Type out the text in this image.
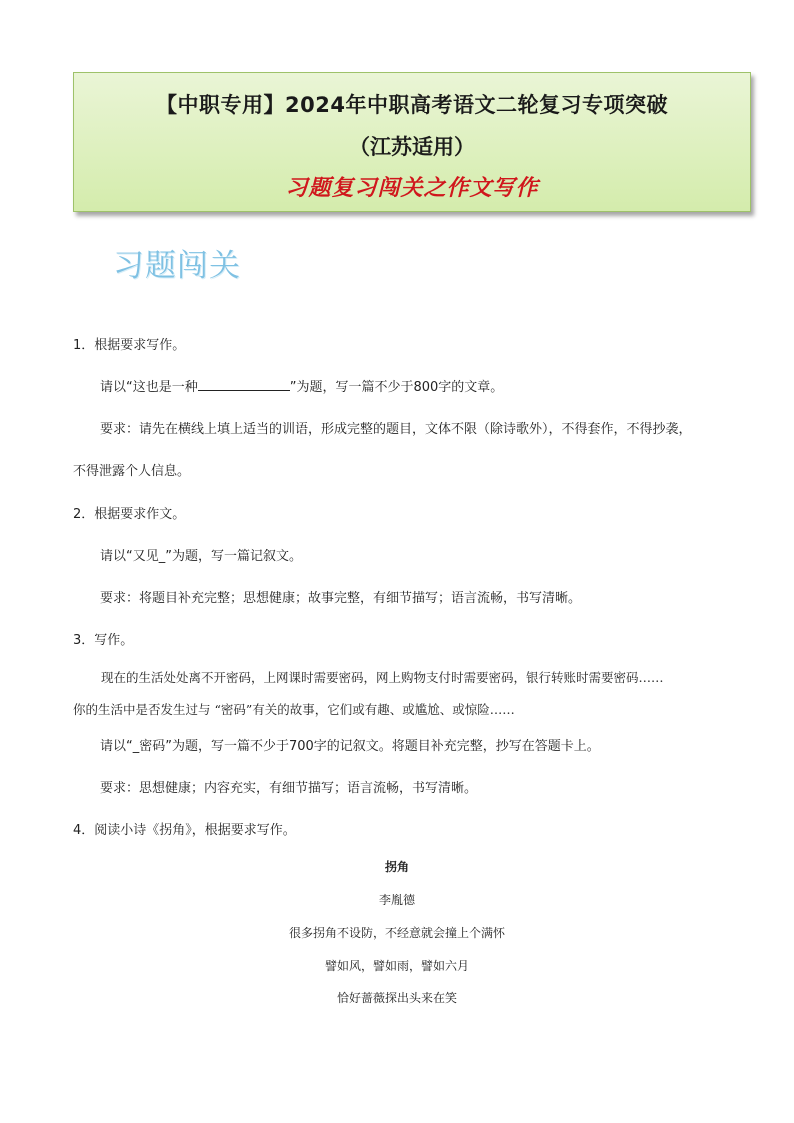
【中职专用】2024年中职高考语文二轮复习专项突破
（江苏适用）
习题复习闯关之作文写作
习题闯关
1．根据要求写作。
请以“这也是一种	”为题，写一篇不少于800字的文章。
要求：请先在横线上填上适当的训语，形成完整的题目，文体不限（除诗歌外），不得套作，不得抄袭，
不得泄露个人信息。
2．根据要求作文。
请以“又见_”为题，写一篇记叙文。
要求：将题目补充完整；思想健康；故事完整，有细节描写；语言流畅，书写清晰。
3．写作。
现在的生活处处离不开密码，上网课时需要密码，网上购物支付时需要密码，银行转账时需要密码……
你的生活中是否发生过与 “密码”有关的故事，它们或有趣、或尴尬、或惊险……
请以“_密码”为题，写一篇不少于700字的记叙文。将题目补充完整，抄写在答题卡上。
要求：思想健康；内容充实，有细节描写；语言流畅，书写清晰。
4．阅读小诗《拐角》，根据要求写作。
拐角
李胤德
很多拐角不设防，不经意就会撞上个满怀
譬如风，譬如雨，譬如六月
恰好蔷薇探出头来在笑
